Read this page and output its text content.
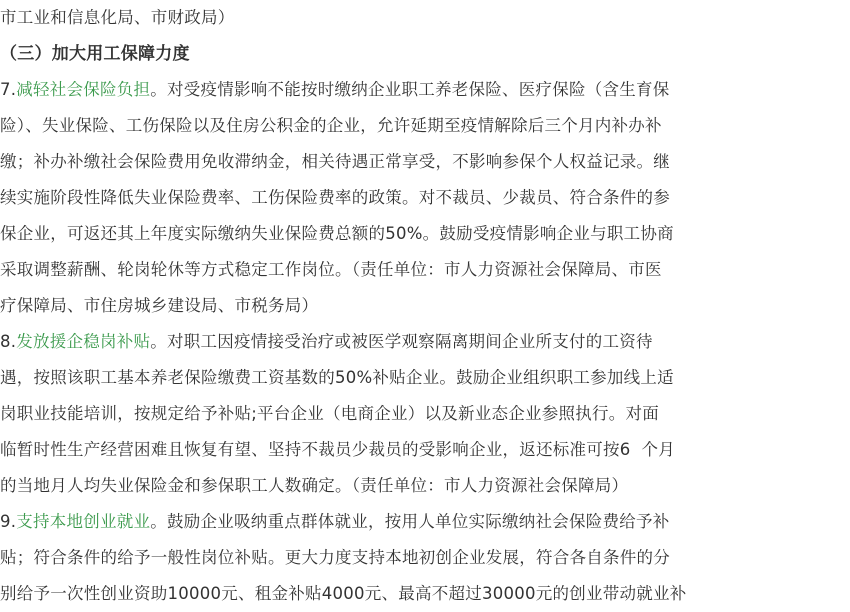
市工业和信息化局、市财政局）
（三）加大用工保障力度
7.减轻社会保险负担。对受疫情影响不能按时缴纳企业职工养老保险、医疗保险（含生育保
险）、失业保险、工伤保险以及住房公积金的企业，允许延期至疫情解除后三个月内补办补
缴；补办补缴社会保险费用免收滞纳金，相关待遇正常享受，不影响参保个人权益记录。继
续实施阶段性降低失业保险费率、工伤保险费率的政策。对不裁员、少裁员、符合条件的参
保企业，可返还其上年度实际缴纳失业保险费总额的50%。鼓励受疫情影响企业与职工协商
采取调整薪酬、轮岗轮休等方式稳定工作岗位。（责任单位：市人力资源社会保障局、市医
疗保障局、市住房城乡建设局、市税务局）
8.发放援企稳岗补贴。对职工因疫情接受治疗或被医学观察隔离期间企业所支付的工资待
遇，按照该职工基本养老保险缴费工资基数的50%补贴企业。鼓励企业组织职工参加线上适
岗职业技能培训，按规定给予补贴;平台企业（电商企业）以及新业态企业参照执行。对面
临暂时性生产经营困难且恢复有望、坚持不裁员少裁员的受影响企业，返还标准可按6  个月
的当地月人均失业保险金和参保职工人数确定。（责任单位：市人力资源社会保障局）
9.支持本地创业就业。鼓励企业吸纳重点群体就业，按用人单位实际缴纳社会保险费给予补
贴；符合条件的给予一般性岗位补贴。更大力度支持本地初创企业发展，符合各自条件的分
别给予一次性创业资助10000元、租金补贴4000元、最高不超过30000元的创业带动就业补
